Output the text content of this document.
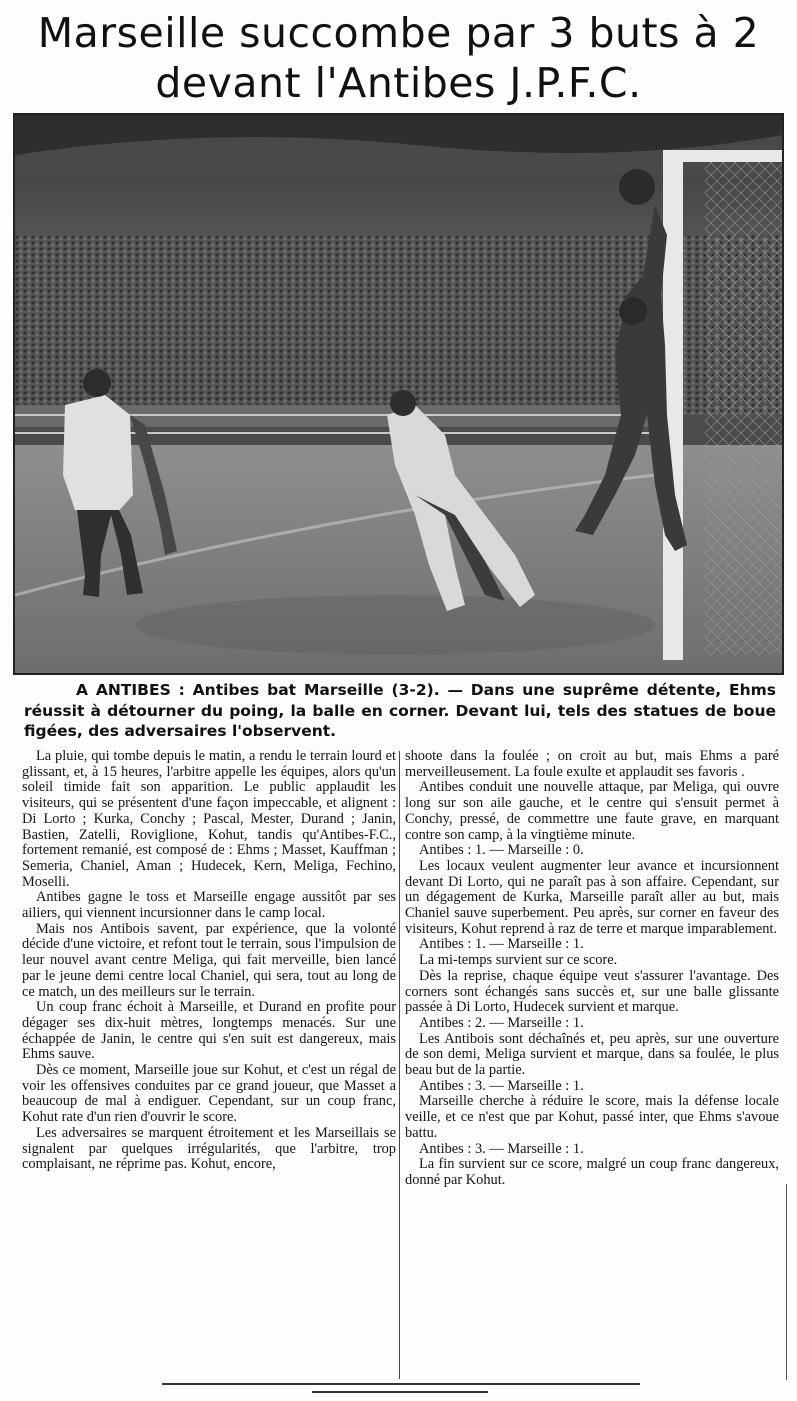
Marseille succombe par 3 buts à 2
devant l'Antibes J.P.F.C.
A ANTIBES : Antibes bat Marseille (3-2). — Dans une suprême détente, Ehms réussit à détourner du poing, la balle en corner. Devant lui, tels des statues de boue figées, des adversaires l'observent.

La pluie, qui tombe depuis le matin, a rendu le terrain lourd et glissant, et, à 15 heures, l'arbitre appelle les équipes, alors qu'un soleil timide fait son apparition. Le public applaudit les visiteurs, qui se présentent d'une façon impeccable, et alignent : Di Lorto ; Kurka, Conchy ; Pascal, Mester, Durand ; Janin, Bastien, Zatelli, Roviglione, Kohut, tandis qu'Antibes-F.C., fortement remanié, est composé de : Ehms ; Masset, Kauffman ; Semeria, Chaniel, Aman ; Hudecek, Kern, Meliga, Fechino, Moselli.

Antibes gagne le toss et Marseille engage aussitôt par ses ailiers, qui viennent incursionner dans le camp local.

Mais nos Antibois savent, par expérience, que la volonté décide d'une victoire, et refont tout le terrain, sous l'impulsion de leur nouvel avant centre Meliga, qui fait merveille, bien lancé par le jeune demi centre local Chaniel, qui sera, tout au long de ce match, un des meilleurs sur le terrain.

Un coup franc échoit à Marseille, et Durand en profite pour dégager ses dix-huit mètres, longtemps menacés. Sur une échappée de Janin, le centre qui s'en suit est dangereux, mais Ehms sauve.

Dès ce moment, Marseille joue sur Kohut, et c'est un régal de voir les offensives conduites par ce grand joueur, que Masset a beaucoup de mal à endiguer. Cependant, sur un coup franc, Kohut rate d'un rien d'ouvrir le score.

Les adversaires se marquent étroitement et les Marseillais se signalent par quelques irrégularités, que l'arbitre, trop complaisant, ne réprime pas. Kohut, encore,

shoote dans la foulée ; on croit au but, mais Ehms a paré merveilleusement. La foule exulte et applaudit ses favoris .

Antibes conduit une nouvelle attaque, par Meliga, qui ouvre long sur son aile gauche, et le centre qui s'ensuit permet à Conchy, pressé, de commettre une faute grave, en marquant contre son camp, à la vingtième minute.

Antibes : 1. — Marseille : 0.

Les locaux veulent augmenter leur avance et incursionnent devant Di Lorto, qui ne paraît pas à son affaire. Cependant, sur un dégagement de Kurka, Marseille paraît aller au but, mais Chaniel sauve superbement. Peu après, sur corner en faveur des visiteurs, Kohut reprend à raz de terre et marque imparablement.

Antibes : 1. — Marseille : 1.

La mi-temps survient sur ce score.

Dès la reprise, chaque équipe veut s'assurer l'avantage. Des corners sont échangés sans succès et, sur une balle glissante passée à Di Lorto, Hudecek survient et marque.

Antibes : 2. — Marseille : 1.

Les Antibois sont déchaînés et, peu après, sur une ouverture de son demi, Meliga survient et marque, dans sa foulée, le plus beau but de la partie.

Antibes : 3. — Marseille : 1.

Marseille cherche à réduire le score, mais la défense locale veille, et ce n'est que par Kohut, passé inter, que Ehms s'avoue battu.

Antibes : 3. — Marseille : 1.

La fin survient sur ce score, malgré un coup franc dangereux, donné par Kohut.
